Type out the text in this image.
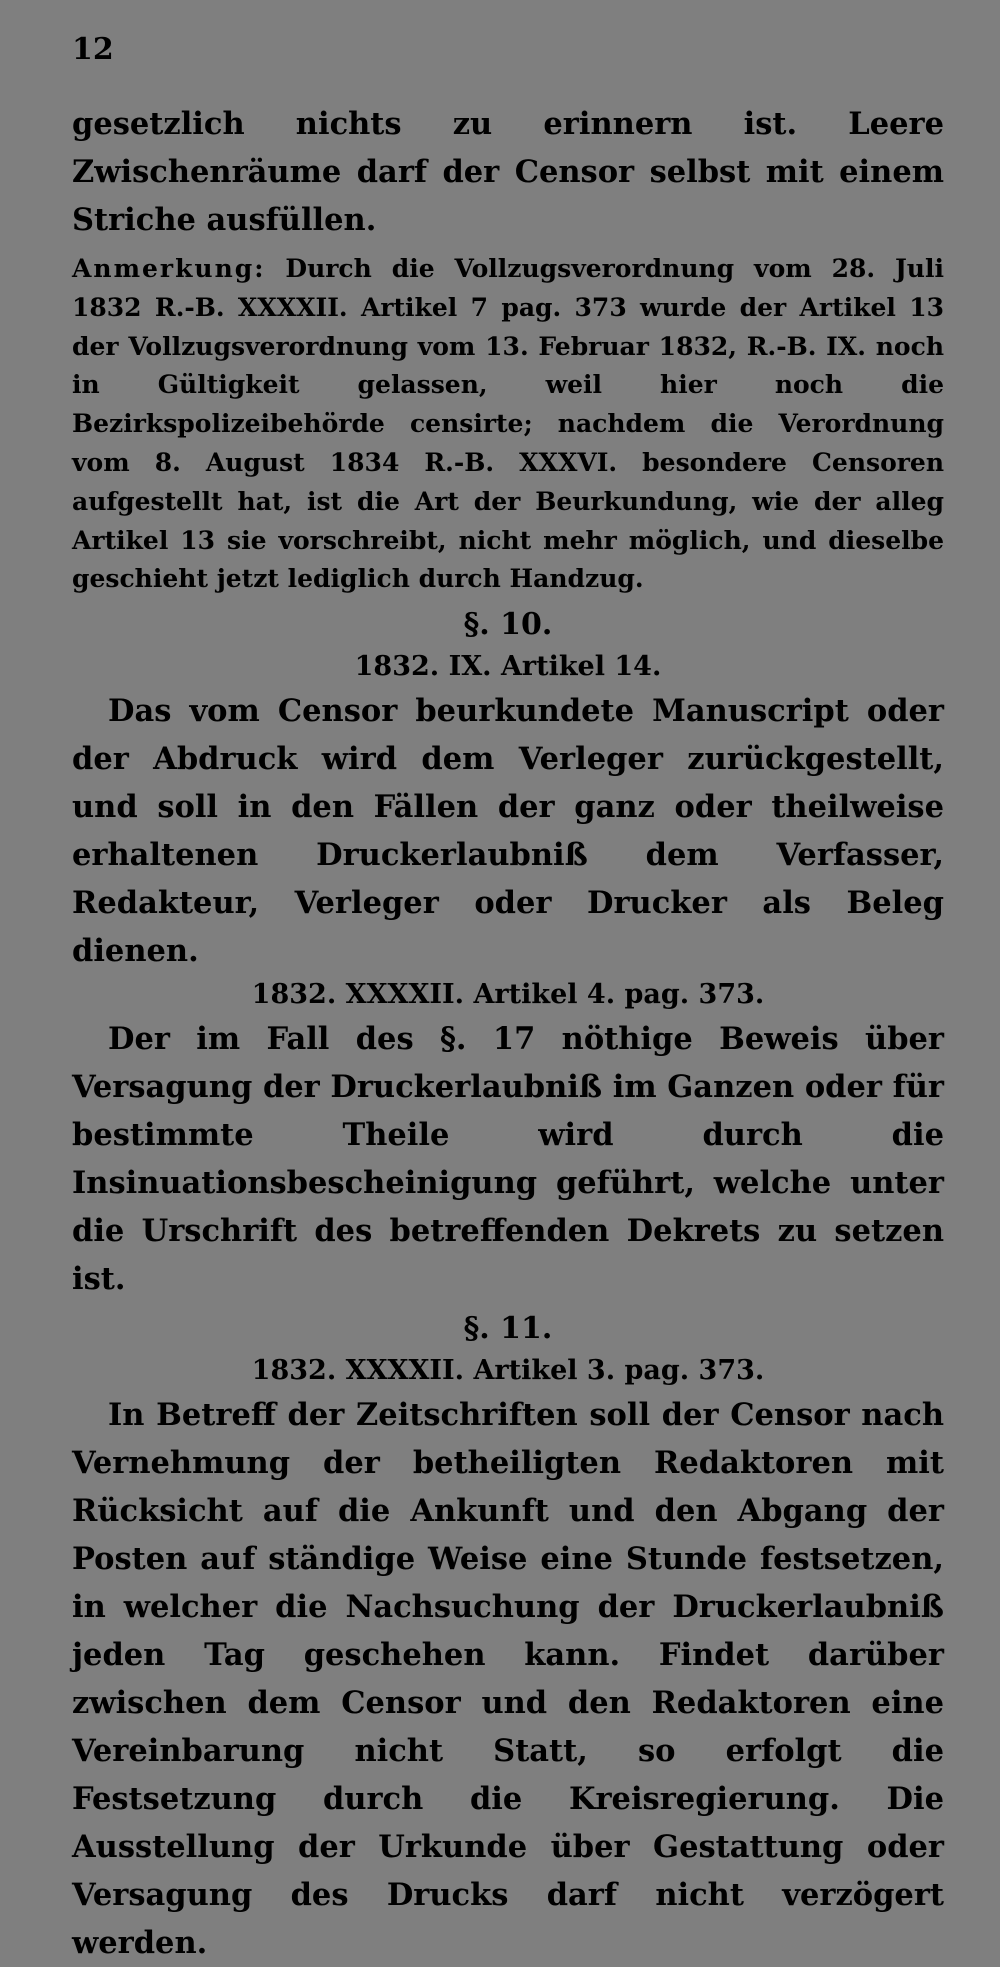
12

gesetzlich nichts zu erinnern ist. Leere Zwischenräume darf der Censor selbst mit einem Striche ausfüllen.

Anmerkung: Durch die Vollzugsverordnung vom 28. Juli 1832 R.-B. XXXXII. Artikel 7 pag. 373 wurde der Artikel 13 der Vollzugsverordnung vom 13. Februar 1832, R.-B. IX. noch in Gültigkeit gelassen, weil hier noch die Bezirkspolizeibehörde censirte; nachdem die Verordnung vom 8. August 1834 R.-B. XXXVI. besondere Censoren aufgestellt hat, ist die Art der Beurkundung, wie der alleg Artikel 13 sie vorschreibt, nicht mehr möglich, und dieselbe geschieht jetzt lediglich durch Handzug.

§. 10.
1832. IX. Artikel 14.

Das vom Censor beurkundete Manuscript oder der Abdruck wird dem Verleger zurückgestellt, und soll in den Fällen der ganz oder theilweise erhaltenen Druckerlaubniß dem Verfasser, Redakteur, Verleger oder Drucker als Beleg dienen.

1832. XXXXII. Artikel 4. pag. 373.

Der im Fall des §. 17 nöthige Beweis über Versagung der Druckerlaubniß im Ganzen oder für bestimmte Theile wird durch die Insinuationsbescheinigung geführt, welche unter die Urschrift des betreffenden Dekrets zu setzen ist.

§. 11.
1832. XXXXII. Artikel 3. pag. 373.

In Betreff der Zeitschriften soll der Censor nach Vernehmung der betheiligten Redaktoren mit Rücksicht auf die Ankunft und den Abgang der Posten auf ständige Weise eine Stunde festsetzen, in welcher die Nachsuchung der Druckerlaubniß jeden Tag geschehen kann. Findet darüber zwischen dem Censor und den Redaktoren eine Vereinbarung nicht Statt, so erfolgt die Festsetzung durch die Kreisregierung. Die Ausstellung der Urkunde über Gestattung oder Versagung des Drucks darf nicht verzögert werden.
